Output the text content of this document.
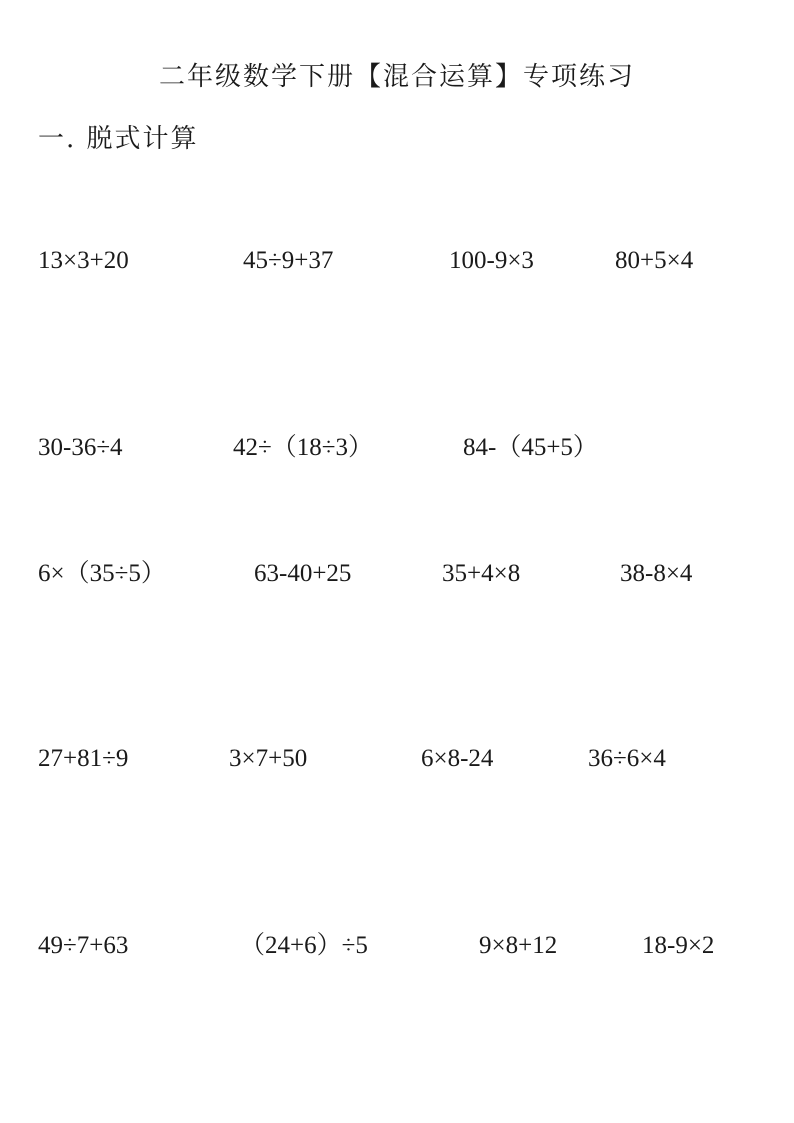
二年级数学下册【混合运算】专项练习
一. 脱式计算
13×3+20	45÷9+37	100-9×3	80+5×4
30-36÷4	42÷（18÷3）	84-（45+5）
6×（35÷5）	63-40+25	35+4×8	38-8×4
27+81÷9	3×7+50	6×8-24	36÷6×4
49÷7+63	（24+6）÷5	9×8+12	18-9×2
